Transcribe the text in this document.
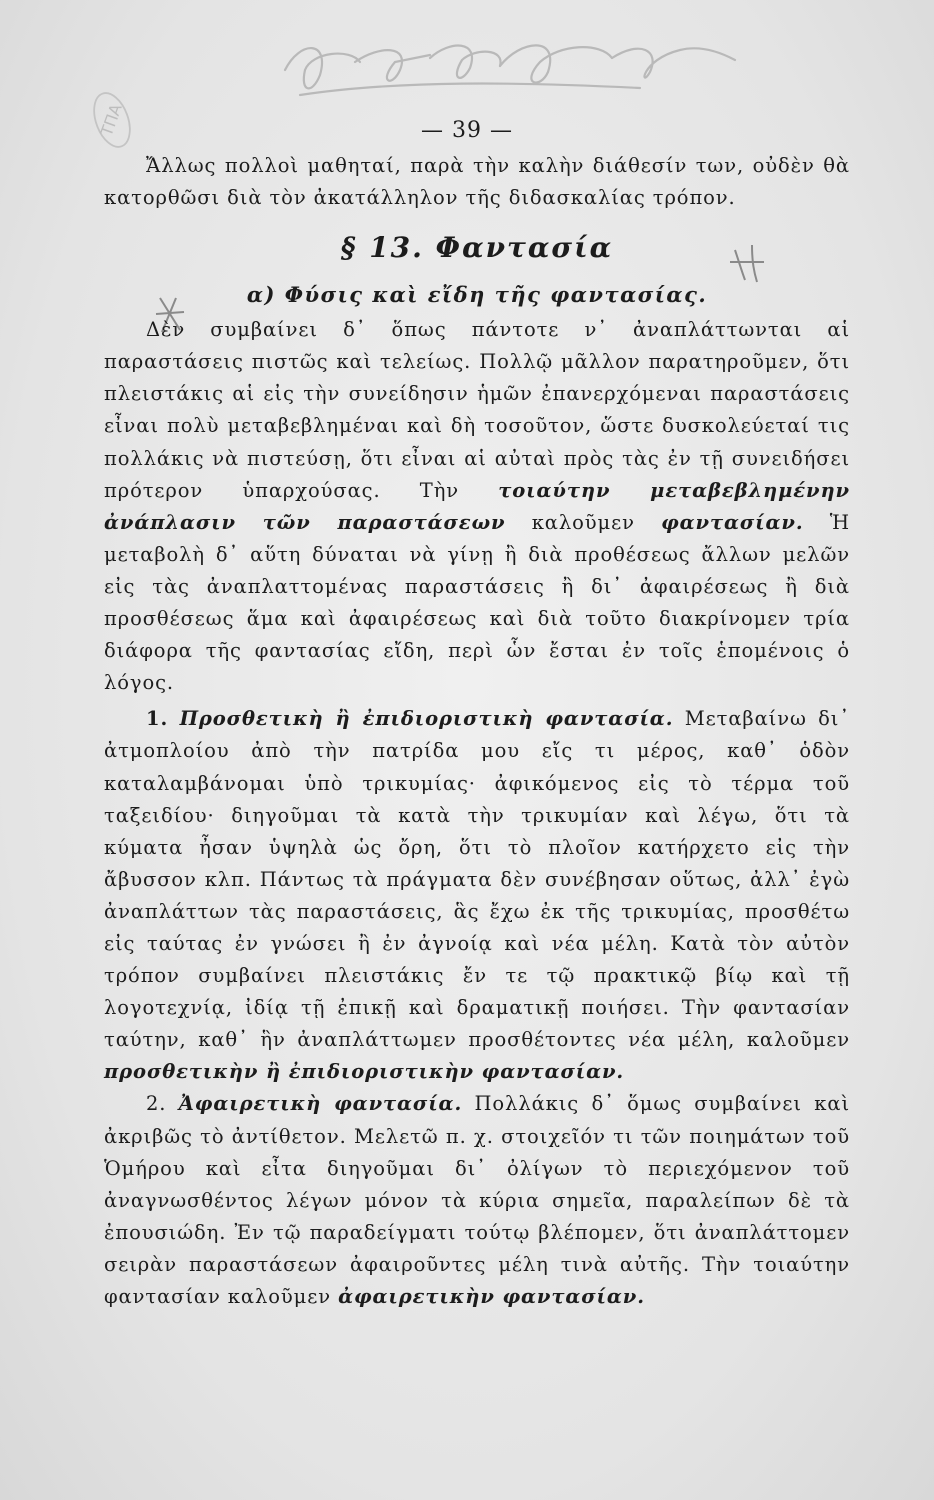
ΤΠΑ	— 39 —

Ἄλλως πολλοὶ μαθηταί, παρὰ τὴν καλὴν διάθεσίν των, οὐδὲν θὰ κατορθῶσι διὰ τὸν ἀκατάλληλον τῆς διδασκαλίας τρόπον.

§ 13. Φαντασία
α) Φύσις καὶ εἴδη τῆς φαντασίας.

Δὲν συμβαίνει δ᾽ ὅπως πάντοτε ν᾽ ἀναπλάττωνται αἱ παραστάσεις πιστῶς καὶ τελείως. Πολλῷ μᾶλλον παρατηροῦμεν, ὅτι πλειστάκις αἱ εἰς τὴν συνείδησιν ἡμῶν ἐπανερχόμεναι παραστάσεις εἶναι πολὺ μεταβεβλημέναι καὶ δὴ τοσοῦτον, ὥστε δυσκολεύεταί τις πολλάκις νὰ πιστεύσῃ, ὅτι εἶναι αἱ αὐταὶ πρὸς τὰς ἐν τῇ συνειδήσει πρότερον ὑπαρχούσας. Τὴν τοιαύτην μεταβεβλημένην ἀνάπλασιν τῶν παραστάσεων καλοῦμεν φαντασίαν. Ἡ μεταβολὴ δ᾽ αὕτη δύναται νὰ γίνῃ ἢ διὰ προθέσεως ἄλλων μελῶν εἰς τὰς ἀναπλαττομένας παραστάσεις ἢ δι᾽ ἀφαιρέσεως ἢ διὰ προσθέσεως ἅμα καὶ ἀφαιρέσεως καὶ διὰ τοῦτο διακρίνομεν τρία διάφορα τῆς φαντασίας εἴδη, περὶ ὧν ἔσται ἐν τοῖς ἑπομένοις ὁ λόγος.

1. Προσθετικὴ ἢ ἐπιδιοριστικὴ φαντασία. Μεταβαίνω δι᾽ ἀτμοπλοίου ἀπὸ τὴν πατρίδα μου εἴς τι μέρος, καθ᾽ ὁδὸν καταλαμβάνομαι ὑπὸ τρικυμίας· ἀφικόμενος εἰς τὸ τέρμα τοῦ ταξειδίου· διηγοῦμαι τὰ κατὰ τὴν τρικυμίαν καὶ λέγω, ὅτι τὰ κύματα ἦσαν ὑψηλὰ ὡς ὄρη, ὅτι τὸ πλοῖον κατήρχετο εἰς τὴν ἄβυσσον κλπ. Πάντως τὰ πράγματα δὲν συνέβησαν οὕτως, ἀλλ᾽ ἐγὼ ἀναπλάττων τὰς παραστάσεις, ἃς ἔχω ἐκ τῆς τρικυμίας, προσθέτω εἰς ταύτας ἐν γνώσει ἢ ἐν ἀγνοίᾳ καὶ νέα μέλη. Κατὰ τὸν αὐτὸν τρόπον συμβαίνει πλειστάκις ἔν τε τῷ πρακτικῷ βίῳ καὶ τῇ λογοτεχνίᾳ, ἰδίᾳ τῇ ἐπικῇ καὶ δραματικῇ ποιήσει. Τὴν φαντασίαν ταύτην, καθ᾽ ἣν ἀναπλάττωμεν προσθέτοντες νέα μέλη, καλοῦμεν προσθετικὴν ἢ ἐπιδιοριστικὴν φαντασίαν.

2. Ἀφαιρετικὴ φαντασία. Πολλάκις δ᾽ ὅμως συμβαίνει καὶ ἀκριβῶς τὸ ἀντίθετον. Μελετῶ π. χ. στοιχεῖόν τι τῶν ποιημάτων τοῦ Ὁμήρου καὶ εἶτα διηγοῦμαι δι᾽ ὀλίγων τὸ περιεχόμενον τοῦ ἀναγνωσθέντος λέγων μόνον τὰ κύρια σημεῖα, παραλείπων δὲ τὰ ἐπουσιώδη. Ἐν τῷ παραδείγματι τούτῳ βλέπομεν, ὅτι ἀναπλάττομεν σειρὰν παραστάσεων ἀφαιροῦντες μέλη τινὰ αὐτῆς. Τὴν τοιαύτην φαντασίαν καλοῦμεν ἀφαιρετικὴν φαντασίαν.
